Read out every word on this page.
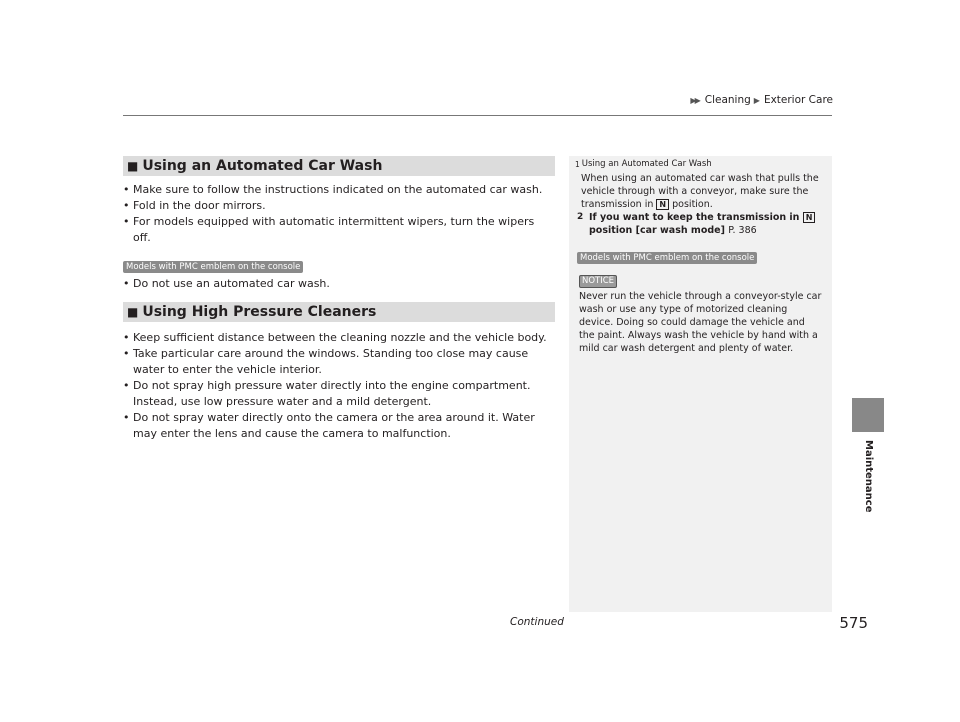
▶▶ Cleaning ▶ Exterior Care
Maintenance
■ Using an Automated Car Wash
• Make sure to follow the instructions indicated on the automated car wash.
• Fold in the door mirrors.
• For models equipped with automatic intermittent wipers, turn the wipers off.
Models with PMC emblem on the console
• Do not use an automated car wash.
■ Using High Pressure Cleaners
• Keep sufficient distance between the cleaning nozzle and the vehicle body.
• Take particular care around the windows. Standing too close may cause water to enter the vehicle interior.
• Do not spray high pressure water directly into the engine compartment. Instead, use low pressure water and a mild detergent.
• Do not spray water directly onto the camera or the area around it. Water may enter the lens and cause the camera to malfunction.
1 Using an Automated Car Wash
When using an automated car wash that pulls the vehicle through with a conveyor, make sure the transmission in N position.
2 If you want to keep the transmission in N position [car wash mode] P. 386
Models with PMC emblem on the console
NOTICE
Never run the vehicle through a conveyor-style car wash or use any type of motorized cleaning device. Doing so could damage the vehicle and the paint. Always wash the vehicle by hand with a mild car wash detergent and plenty of water.
Continued	575
